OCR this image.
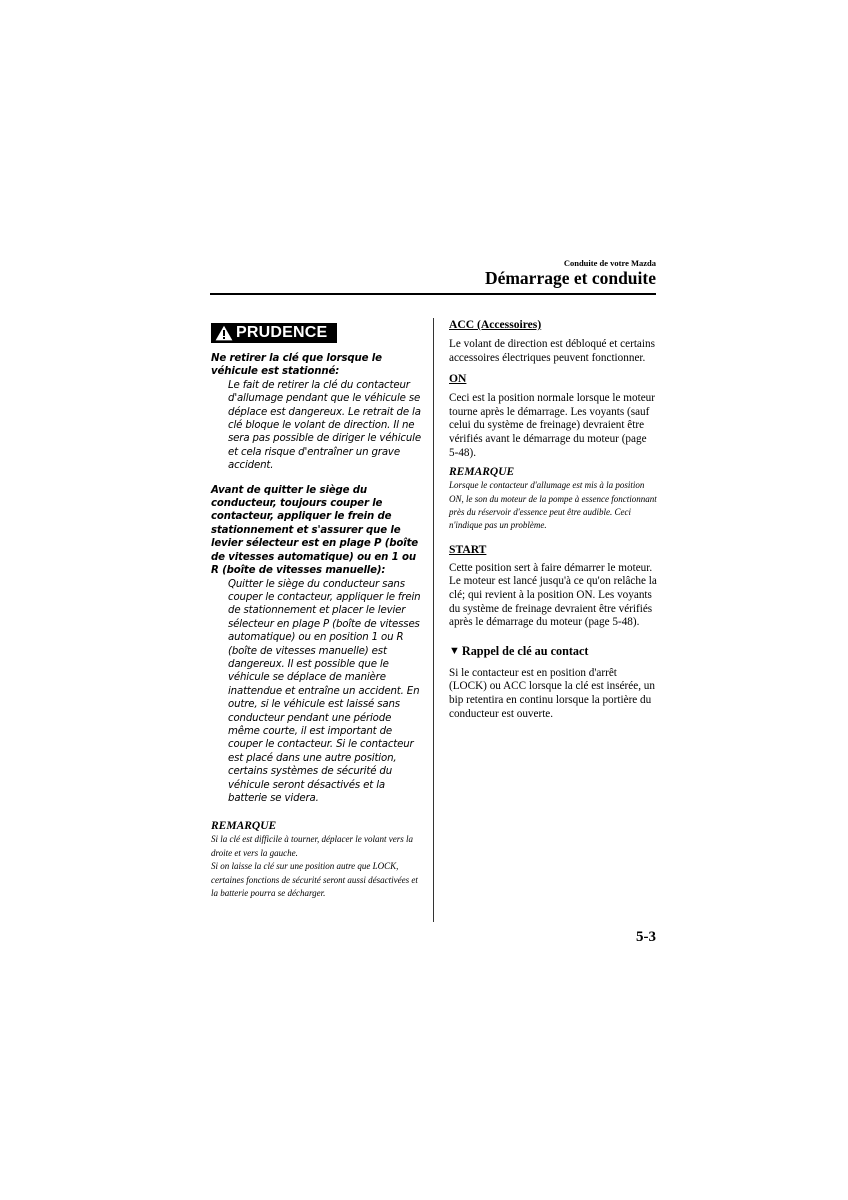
Conduite de votre Mazda
Démarrage et conduite
PRUDENCE

Ne retirer la clé que lorsque le véhicule est stationné:

Le fait de retirer la clé du contacteur d'allumage pendant que le véhicule se déplace est dangereux. Le retrait de la clé bloque le volant de direction. Il ne sera pas possible de diriger le véhicule et cela risque d'entraîner un grave accident.

Avant de quitter le siège du conducteur, toujours couper le contacteur, appliquer le frein de stationnement et s'assurer que le levier sélecteur est en plage P (boîte de vitesses automatique) ou en 1 ou R (boîte de vitesses manuelle):

Quitter le siège du conducteur sans couper le contacteur, appliquer le frein de stationnement et placer le levier sélecteur en plage P (boîte de vitesses automatique) ou en position 1 ou R (boîte de vitesses manuelle) est dangereux. Il est possible que le véhicule se déplace de manière inattendue et entraîne un accident. En outre, si le véhicule est laissé sans conducteur pendant une période même courte, il est important de couper le contacteur. Si le contacteur est placé dans une autre position, certains systèmes de sécurité du véhicule seront désactivés et la batterie se videra.

REMARQUE

Si la clé est difficile à tourner, déplacer le volant vers la droite et vers la gauche.

Si on laisse la clé sur une position autre que LOCK, certaines fonctions de sécurité seront aussi désactivées et la batterie pourra se décharger.

ACC (Accessoires)

Le volant de direction est débloqué et certains accessoires électriques peuvent fonctionner.

ON

Ceci est la position normale lorsque le moteur tourne après le démarrage. Les voyants (sauf celui du système de freinage) devraient être vérifiés avant le démarrage du moteur (page 5-48).

REMARQUE

Lorsque le contacteur d'allumage est mis à la position ON, le son du moteur de la pompe à essence fonctionnant près du réservoir d'essence peut être audible. Ceci n'indique pas un problème.

START

Cette position sert à faire démarrer le moteur. Le moteur est lancé jusqu'à ce qu'on relâche la clé; qui revient à la position ON. Les voyants du système de freinage devraient être vérifiés après le démarrage du moteur (page 5-48).

▼ Rappel de clé au contact

Si le contacteur est en position d'arrêt (LOCK) ou ACC lorsque la clé est insérée, un bip retentira en continu lorsque la portière du conducteur est ouverte.

5-3
